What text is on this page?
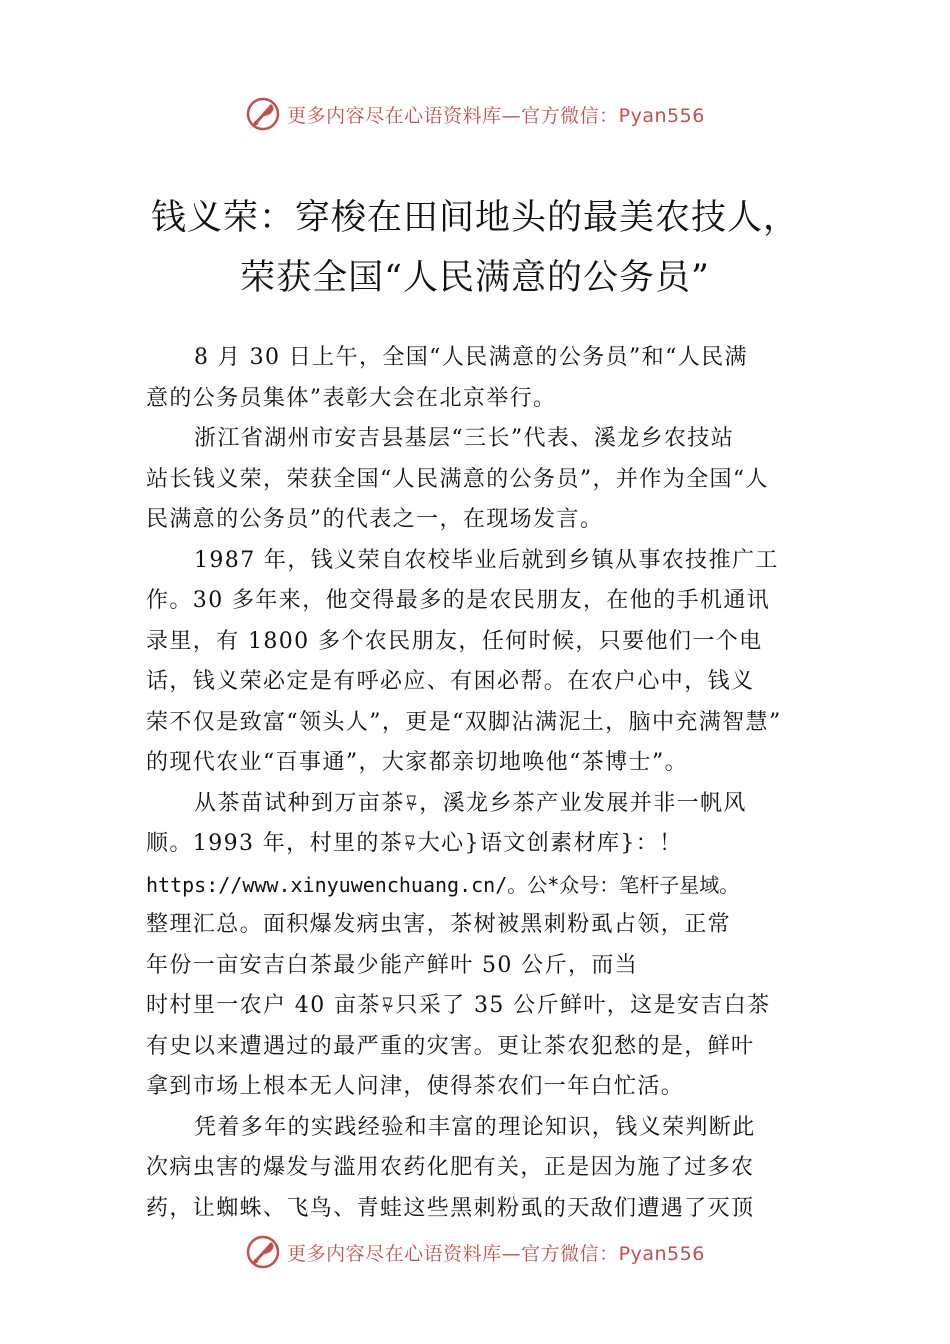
更多内容尽在心语资料库—官方微信：Pyan556
钱义荣：穿梭在田间地头的最美农技人，
荣获全国“人民满意的公务员”
8 月 30 日上午，全国“人民满意的公务员”和“人民满
意的公务员集体”表彰大会在北京举行。
浙江省湖州市安吉县基层“三长”代表、溪龙乡农技站
站长钱义荣，荣获全国“人民满意的公务员”，并作为全国“人
民满意的公务员”的代表之一，在现场发言。
1987 年，钱义荣自农校毕业后就到乡镇从事农技推广工
作。30 多年来，他交得最多的是农民朋友，在他的手机通讯
录里，有 1800 多个农民朋友，任何时候，只要他们一个电
话，钱义荣必定是有呼必应、有困必帮。在农户心中，钱义
荣不仅是致富“领头人”，更是“双脚沾满泥土，脑中充满智慧”
的现代农业“百事通”，大家都亲切地唤他“茶博士”。
从茶苗试种到万亩茶⍫，溪龙乡茶产业发展并非一帆风
顺。1993 年，村里的茶⍫大心}语文创素材库}：！
https://www.xinyuwenchuang.cn/。公*众号：笔杆子星域。
整理汇总。面积爆发病虫害，茶树被黑刺粉虱占领，正常
年份一亩安吉白茶最少能产鲜叶 50 公斤，而当
时村里一农户 40 亩茶⍫只采了 35 公斤鲜叶，这是安吉白茶
有史以来遭遇过的最严重的灾害。更让茶农犯愁的是，鲜叶
拿到市场上根本无人问津，使得茶农们一年白忙活。
凭着多年的实践经验和丰富的理论知识，钱义荣判断此
次病虫害的爆发与滥用农药化肥有关，正是因为施了过多农
药，让蜘蛛、飞鸟、青蛙这些黑刺粉虱的天敌们遭遇了灭顶
更多内容尽在心语资料库—官方微信：Pyan556
